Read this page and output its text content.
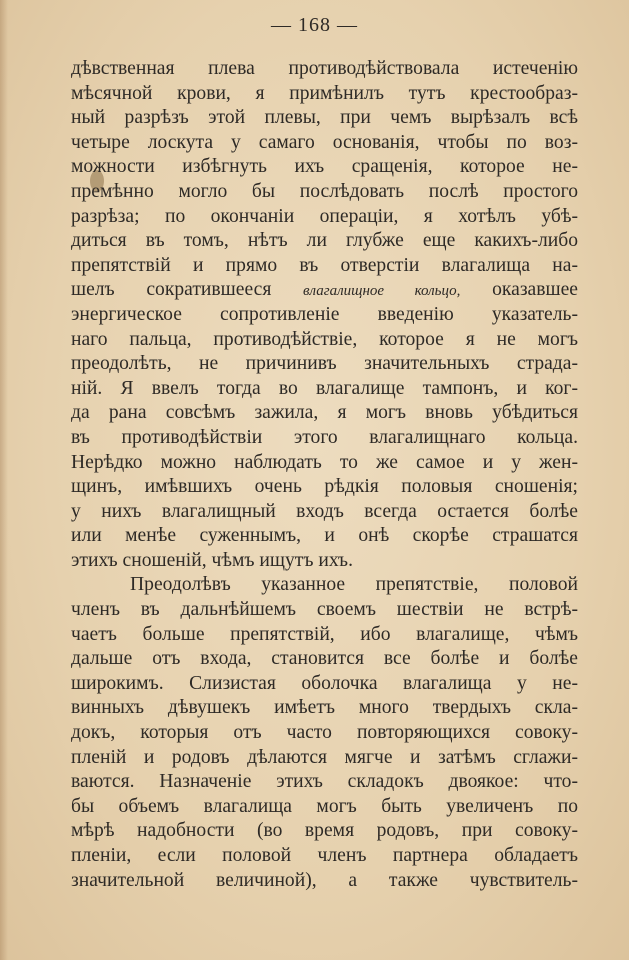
— 168 —
дѣвственная плева противодѣйствовала истеченію
мѣсячной крови, я примѣнилъ тутъ крестообраз-
ный разрѣзъ этой плевы, при чемъ вырѣзалъ всѣ
четыре лоскута у самаго основанія, чтобы по воз-
можности избѣгнуть ихъ сращенія, которое не-
премѣнно могло бы послѣдовать послѣ простого
разрѣза; по окончаніи операціи, я хотѣлъ убѣ-
диться въ томъ, нѣтъ ли глубже еще какихъ-либо
препятствій и прямо въ отверстіи влагалища на-
шелъ сократившееся влагалищное кольцо, оказавшее
энергическое сопротивленіе введенію указатель-
наго пальца, противодѣйствіе, которое я не могъ
преодолѣть, не причинивъ значительныхъ страда-
ній. Я ввелъ тогда во влагалище тампонъ, и ког-
да рана совсѣмъ зажила, я могъ вновь убѣдиться
въ противодѣйствіи этого влагалищнаго кольца.
Нерѣдко можно наблюдать то же самое и у жен-
щинъ, имѣвшихъ очень рѣдкія половыя сношенія;
у нихъ влагалищный входъ всегда остается болѣе
или менѣе суженнымъ, и онѣ скорѣе страшатся
этихъ сношеній, чѣмъ ищутъ ихъ.
Преодолѣвъ указанное препятствіе, половой
членъ въ дальнѣйшемъ своемъ шествіи не встрѣ-
чаетъ больше препятствій, ибо влагалище, чѣмъ
дальше отъ входа, становится все болѣе и болѣе
широкимъ. Слизистая оболочка влагалища у не-
винныхъ дѣвушекъ имѣетъ много твердыхъ скла-
докъ, которыя отъ часто повторяющихся совоку-
пленій и родовъ дѣлаются мягче и затѣмъ сглажи-
ваются. Назначеніе этихъ складокъ двоякое: что-
бы объемъ влагалища могъ быть увеличенъ по
мѣрѣ надобности (во время родовъ, при совоку-
пленіи, если половой членъ партнера обладаетъ
значительной величиной), а также чувствитель-
